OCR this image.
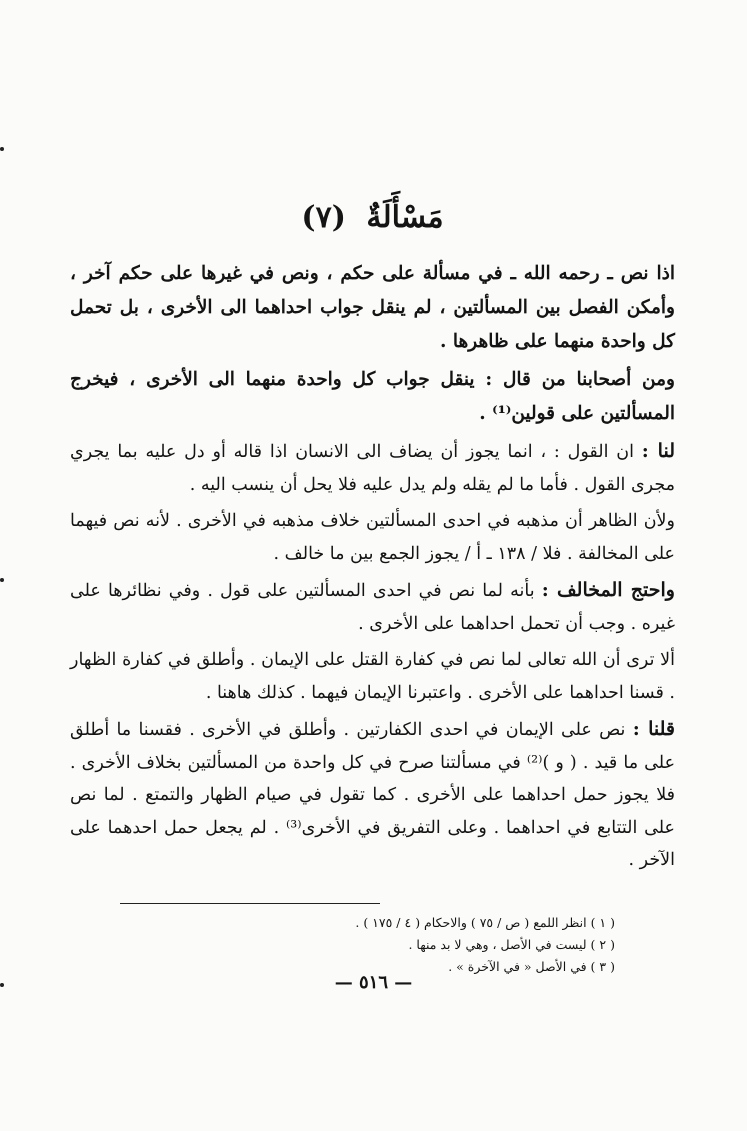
مَسْأَلَةٌ (٧)

اذا نص ـ رحمه الله ـ في مسألة على حكم ، ونص في غيرها على حكم آخر ، وأمكن الفصل بين المسألتين ، لم ينقل جواب احداهما الى الأخرى ، بل تحمل كل واحدة منهما على ظاهرها .

ومن أصحابنا من قال : ينقل جواب كل واحدة منهما الى الأخرى ، فيخرج المسألتين على قولين⁽¹⁾ .

لنا : ان القول : ، انما يجوز أن يضاف الى الانسان اذا قاله أو دل عليه بما يجري مجرى القول . فأما ما لم يقله ولم يدل عليه فلا يحل أن ينسب اليه .

ولأن الظاهر أن مذهبه في احدى المسألتين خلاف مذهبه في الأخرى . لأنه نص فيهما على المخالفة . فلا / ١٣٨ ـ أ / يجوز الجمع بين ما خالف .

واحتج المخالف : بأنه لما نص في احدى المسألتين على قول . وفي نظائرها على غيره . وجب أن تحمل احداهما على الأخرى .

ألا ترى أن الله تعالى لما نص في كفارة القتل على الإيمان . وأطلق في كفارة الظهار . قسنا احداهما على الأخرى . واعتبرنا الإيمان فيهما . كذلك هاهنا .

قلنا : نص على الإيمان في احدى الكفارتين . وأطلق في الأخرى . فقسنا ما أطلق على ما قيد . ( و )⁽²⁾ في مسألتنا صرح في كل واحدة من المسألتين بخلاف الأخرى . فلا يجوز حمل احداهما على الأخرى . كما تقول في صيام الظهار والتمتع . لما نص على التتابع في احداهما . وعلى التفريق في الأخرى⁽³⁾ . لم يجعل حمل احدهما على الآخر .

( ١ ) انظر اللمع ( ص / ٧٥ ) والاحكام ( ٤ / ١٧٥ ) .
( ٢ ) ليست في الأصل ، وهي لا بد منها .
( ٣ ) في الأصل « في الآخرة » .
— ٥١٦ —
